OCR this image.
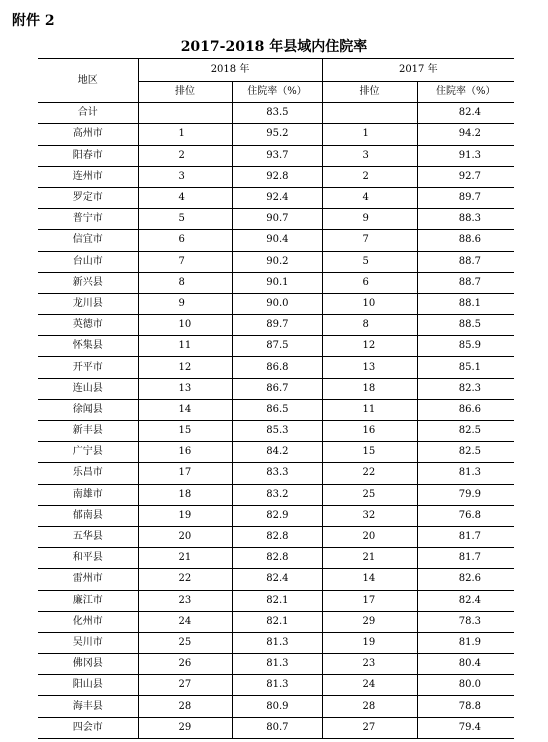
附件 2
2017-2018 年县域内住院率
地区	2018 年		2017 年	
	排位	住院率（%）	排位	住院率（%）
合计		83.5		82.4
高州市	1	95.2	1	94.2
阳春市	2	93.7	3	91.3
连州市	3	92.8	2	92.7
罗定市	4	92.4	4	89.7
普宁市	5	90.7	9	88.3
信宜市	6	90.4	7	88.6
台山市	7	90.2	5	88.7
新兴县	8	90.1	6	88.7
龙川县	9	90.0	10	88.1
英德市	10	89.7	8	88.5
怀集县	11	87.5	12	85.9
开平市	12	86.8	13	85.1
连山县	13	86.7	18	82.3
徐闻县	14	86.5	11	86.6
新丰县	15	85.3	16	82.5
广宁县	16	84.2	15	82.5
乐昌市	17	83.3	22	81.3
南雄市	18	83.2	25	79.9
郁南县	19	82.9	32	76.8
五华县	20	82.8	20	81.7
和平县	21	82.8	21	81.7
雷州市	22	82.4	14	82.6
廉江市	23	82.1	17	82.4
化州市	24	82.1	29	78.3
吴川市	25	81.3	19	81.9
佛冈县	26	81.3	23	80.4
阳山县	27	81.3	24	80.0
海丰县	28	80.9	28	78.8
四会市	29	80.7	27	79.4
